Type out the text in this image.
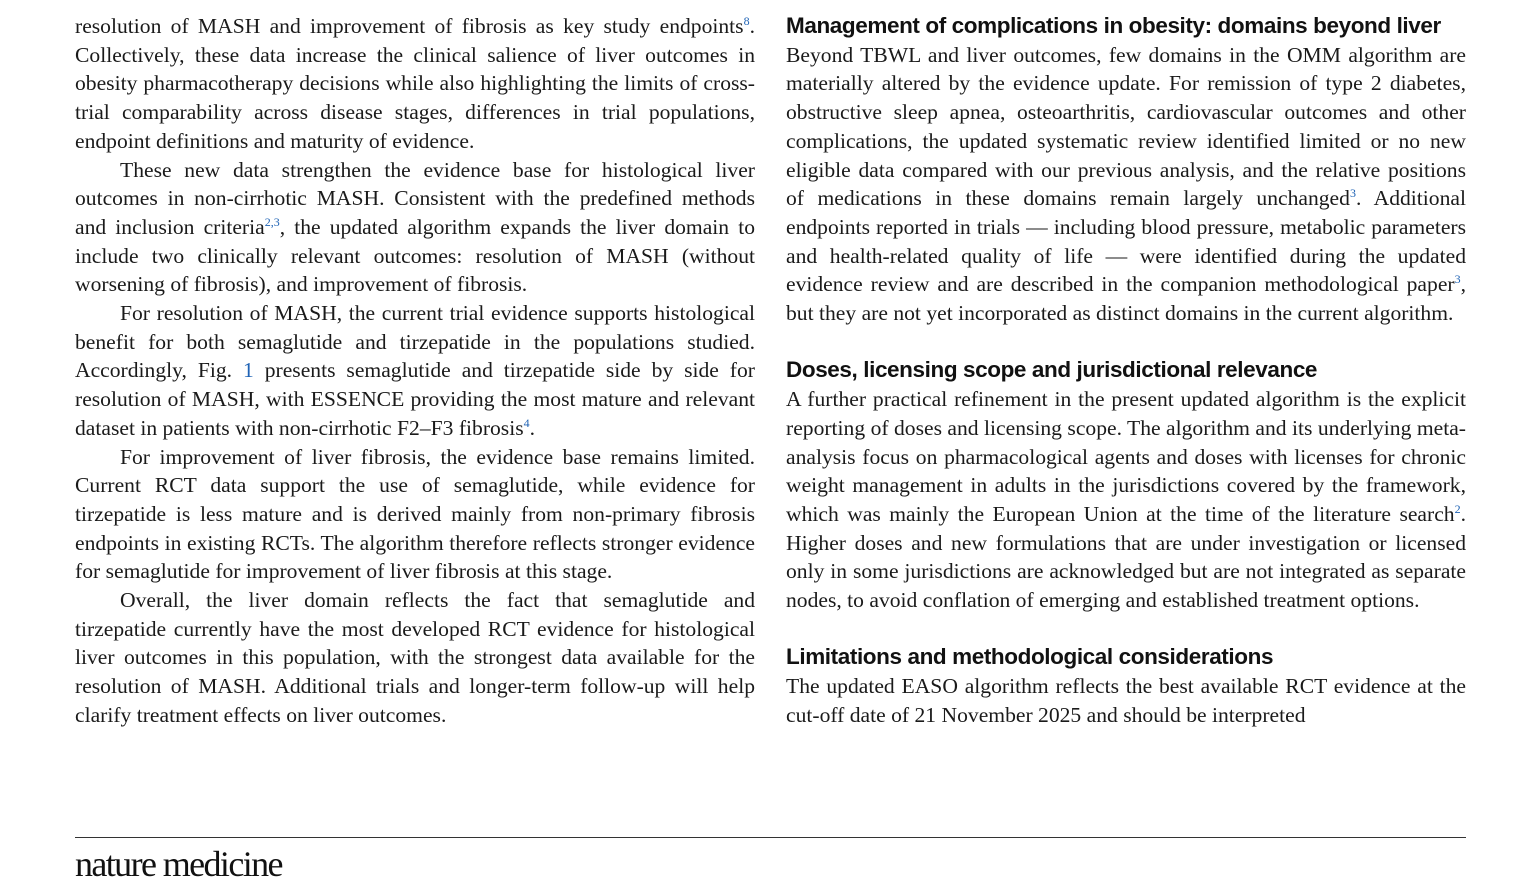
resolution of MASH and improvement of fibrosis as key study endpoints$^8$. Collectively, these data increase the clinical salience of liver outcomes in obesity pharmacotherapy decisions while also highlighting the limits of cross-trial comparability across disease stages, differences in trial populations, endpoint definitions and maturity of evidence.

These new data strengthen the evidence base for histological liver outcomes in non-cirrhotic MASH. Consistent with the predefined methods and inclusion criteria$^{2,3}$, the updated algorithm expands the liver domain to include two clinically relevant outcomes: resolution of MASH (without worsening of fibrosis), and improvement of fibrosis.

For resolution of MASH, the current trial evidence supports histological benefit for both semaglutide and tirzepatide in the populations studied. Accordingly, Fig. 1 presents semaglutide and tirzepatide side by side for resolution of MASH, with ESSENCE providing the most mature and relevant dataset in patients with non-cirrhotic F2–F3 fibrosis$^4$.

For improvement of liver fibrosis, the evidence base remains limited. Current RCT data support the use of semaglutide, while evidence for tirzepatide is less mature and is derived mainly from non-primary fibrosis endpoints in existing RCTs. The algorithm therefore reflects stronger evidence for semaglutide for improvement of liver fibrosis at this stage.

Overall, the liver domain reflects the fact that semaglutide and tirzepatide currently have the most developed RCT evidence for histological liver outcomes in this population, with the strongest data available for the resolution of MASH. Additional trials and longer-term follow-up will help clarify treatment effects on liver outcomes.

Management of complications in obesity: domains beyond liver

Beyond TBWL and liver outcomes, few domains in the OMM algorithm are materially altered by the evidence update. For remission of type 2 diabetes, obstructive sleep apnea, osteoarthritis, cardiovascular outcomes and other complications, the updated systematic review identified limited or no new eligible data compared with our previous analysis, and the relative positions of medications in these domains remain largely unchanged$^3$. Additional endpoints reported in trials — including blood pressure, metabolic parameters and health-related quality of life — were identified during the updated evidence review and are described in the companion methodological paper$^3$, but they are not yet incorporated as distinct domains in the current algorithm.

Doses, licensing scope and jurisdictional relevance

A further practical refinement in the present updated algorithm is the explicit reporting of doses and licensing scope. The algorithm and its underlying meta-analysis focus on pharmacological agents and doses with licenses for chronic weight management in adults in the jurisdictions covered by the framework, which was mainly the European Union at the time of the literature search$^2$. Higher doses and new formulations that are under investigation or licensed only in some jurisdictions are acknowledged but are not integrated as separate nodes, to avoid conflation of emerging and established treatment options.

Limitations and methodological considerations

The updated EASO algorithm reflects the best available RCT evidence at the cut-off date of 21 November 2025 and should be interpreted

nature medicine
